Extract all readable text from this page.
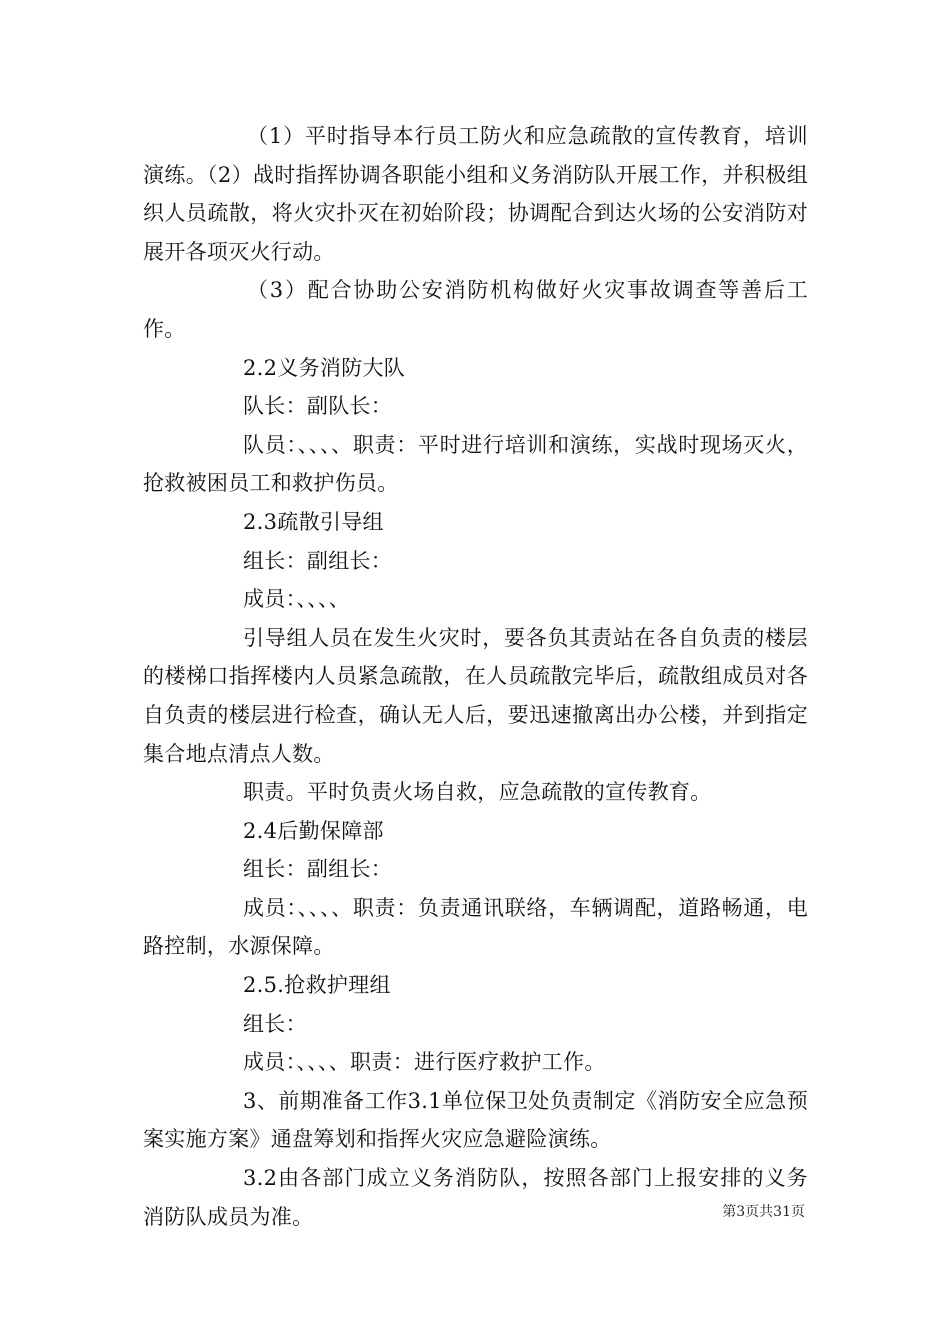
（1）平时指导本行员工防火和应急疏散的宣传教育，培训演练。（2）战时指挥协调各职能小组和义务消防队开展工作，并积极组织人员疏散，将火灾扑灭在初始阶段；协调配合到达火场的公安消防对展开各项灭火行动。

（3）配合协助公安消防机构做好火灾事故调查等善后工作。

2.2义务消防大队

队长：副队长：

队员：、、、、职责：平时进行培训和演练，实战时现场灭火，抢救被困员工和救护伤员。

2.3疏散引导组

组长：副组长：

成员：、、、、

引导组人员在发生火灾时，要各负其责站在各自负责的楼层的楼梯口指挥楼内人员紧急疏散，在人员疏散完毕后，疏散组成员对各自负责的楼层进行检查，确认无人后，要迅速撤离出办公楼，并到指定集合地点清点人数。

职责。平时负责火场自救，应急疏散的宣传教育。

2.4后勤保障部

组长：副组长：

成员：、、、、职责：负责通讯联络，车辆调配，道路畅通，电路控制，水源保障。

2.5.抢救护理组

组长：

成员：、、、、职责：进行医疗救护工作。

3、前期准备工作3.1单位保卫处负责制定《消防安全应急预案实施方案》通盘筹划和指挥火灾应急避险演练。

3.2由各部门成立义务消防队，按照各部门上报安排的义务消防队成员为准。	第3页共31页
